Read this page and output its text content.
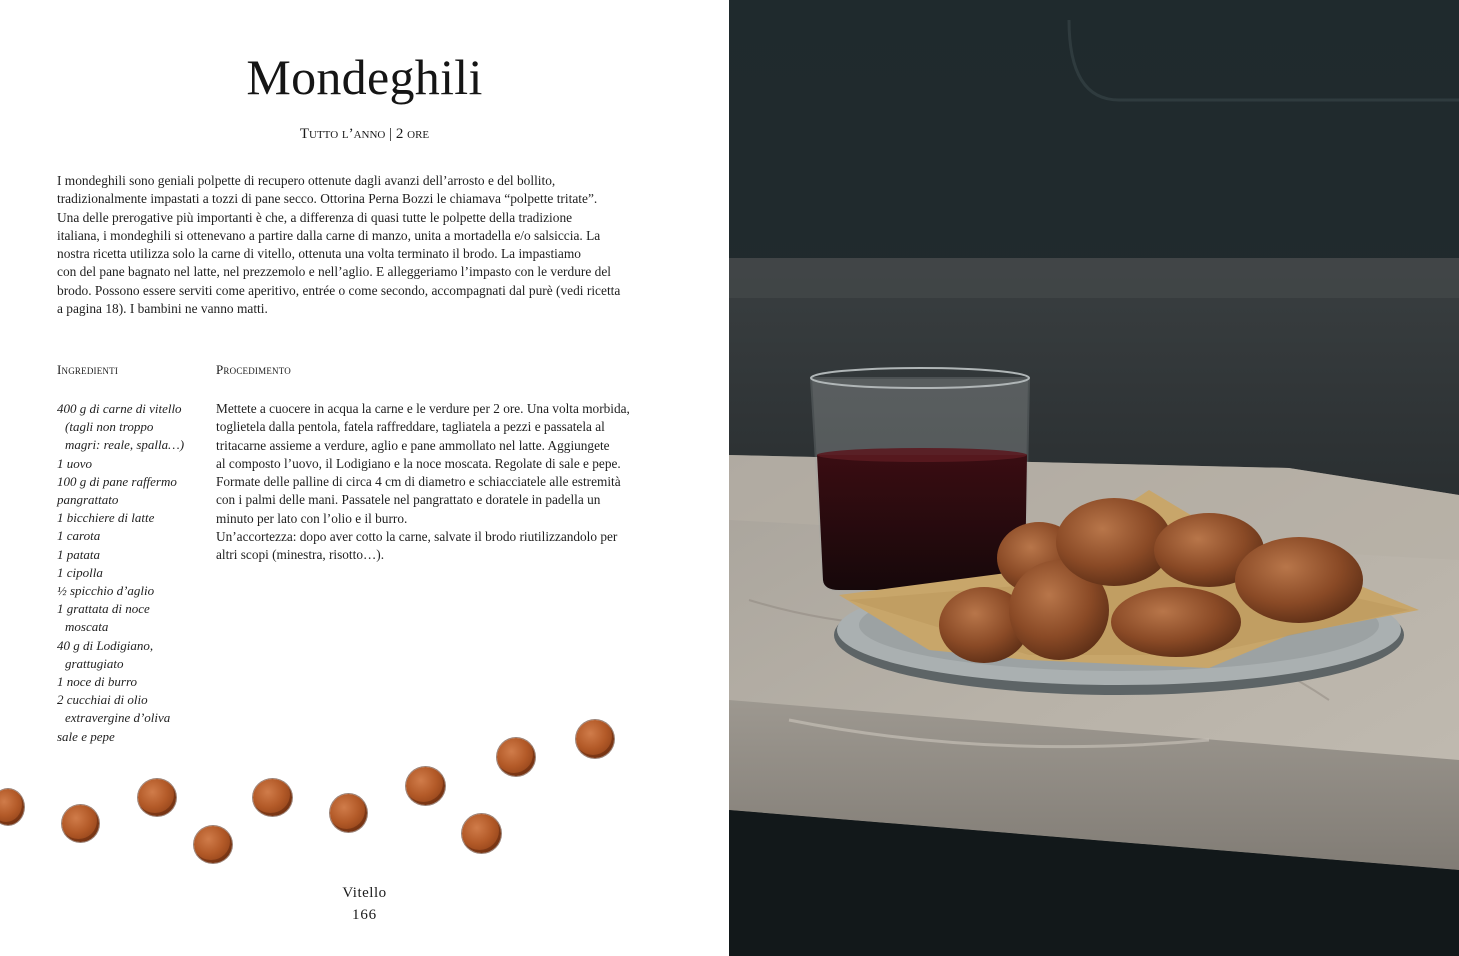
Mondeghili
Tutto l’anno | 2 ore
I mondeghili sono geniali polpette di recupero ottenute dagli avanzi dell’arrosto e del bollito,
tradizionalmente impastati a tozzi di pane secco. Ottorina Perna Bozzi le chiamava “polpette tritate”.
Una delle prerogative più importanti è che, a differenza di quasi tutte le polpette della tradizione
italiana, i mondeghili si ottenevano a partire dalla carne di manzo, unita a mortadella e/o salsiccia. La
nostra ricetta utilizza solo la carne di vitello, ottenuta una volta terminato il brodo. La impastiamo
con del pane bagnato nel latte, nel prezzemolo e nell’aglio. E alleggeriamo l’impasto con le verdure del
brodo. Possono essere serviti come aperitivo, entrée o come secondo, accompagnati dal purè (vedi ricetta
a pagina 18). I bambini ne vanno matti.
Ingredienti	Procedimento
400 g di carne di vitello
(tagli non troppo
magri: reale, spalla…)
1 uovo
100 g di pane raffermo
pangrattato
1 bicchiere di latte
1 carota
1 patata
1 cipolla
½ spicchio d’aglio
1 grattata di noce
moscata
40 g di Lodigiano,
grattugiato
1 noce di burro
2 cucchiai di olio
extravergine d’oliva
sale e pepe
Mettete a cuocere in acqua la carne e le verdure per 2 ore. Una volta morbida,
toglietela dalla pentola, fatela raffreddare, tagliatela a pezzi e passatela al
tritacarne assieme a verdure, aglio e pane ammollato nel latte. Aggiungete
al composto l’uovo, il Lodigiano e la noce moscata. Regolate di sale e pepe.
Formate delle palline di circa 4 cm di diametro e schiacciatele alle estremità
con i palmi delle mani. Passatele nel pangrattato e doratele in padella un
minuto per lato con l’olio e il burro.
Un’accortezza: dopo aver cotto la carne, salvate il brodo riutilizzandolo per
altri scopi (minestra, risotto…).
Vitello
166
